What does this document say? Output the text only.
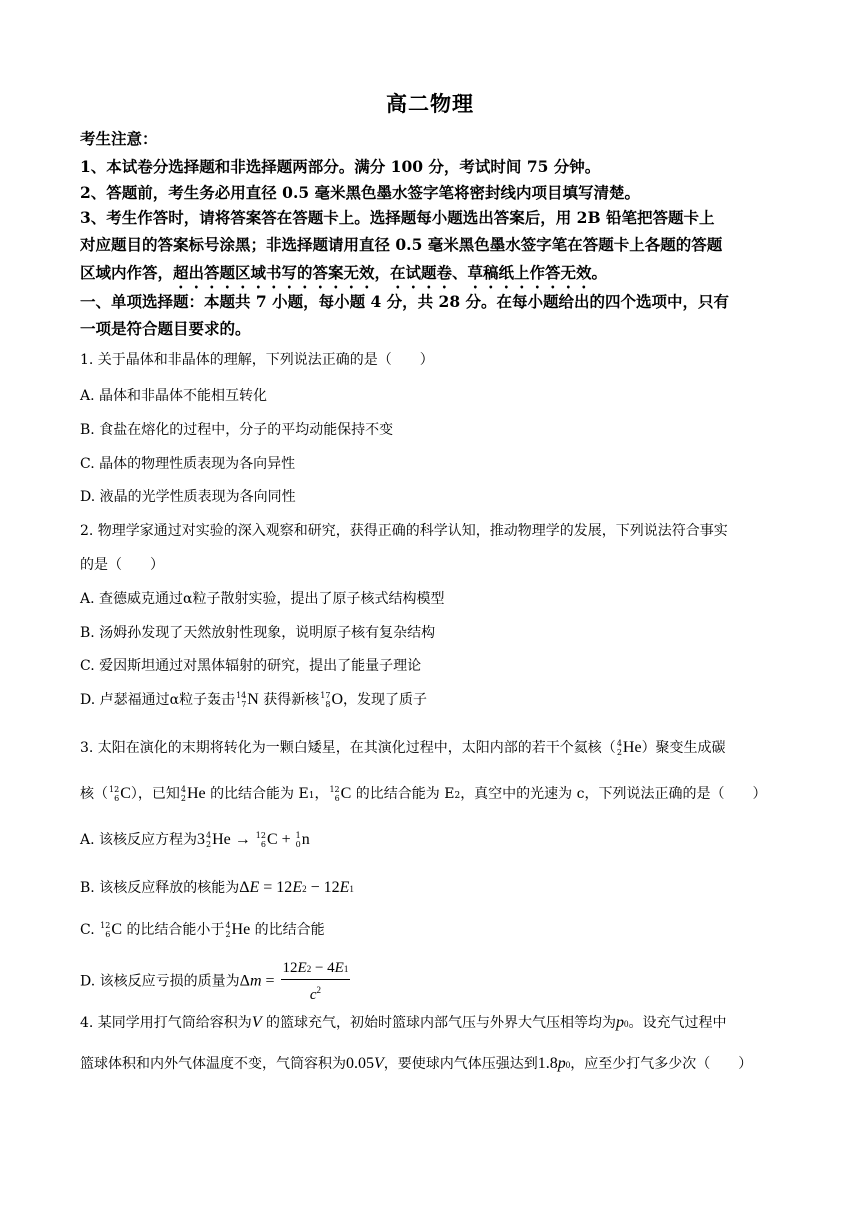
高二物理
考生注意：
1、本试卷分选择题和非选择题两部分。满分 100 分，考试时间 75 分钟。
2、答题前，考生务必用直径 0.5 毫米黑色墨水签字笔将密封线内项目填写清楚。
3、考生作答时，请将答案答在答题卡上。选择题每小题选出答案后，用 2B 铅笔把答题卡上
对应题目的答案标号涂黑；非选择题请用直径 0.5 毫米黑色墨水签字笔在答题卡上各题的答题
区域内作答，超出答题区域书写的答案无效，在试题卷、草稿纸上作答无效。
一、单项选择题：本题共 7 小题，每小题 4 分，共 28 分。在每小题给出的四个选项中，只有
一项是符合题目要求的。
1. 关于晶体和非晶体的理解，下列说法正确的是（　　）
A. 晶体和非晶体不能相互转化
B. 食盐在熔化的过程中，分子的平均动能保持不变
C. 晶体的物理性质表现为各向异性
D. 液晶的光学性质表现为各向同性
2. 物理学家通过对实验的深入观察和研究，获得正确的科学认知，推动物理学的发展，下列说法符合事实
的是（　　）
A. 查德威克通过α粒子散射实验，提出了原子核式结构模型
B. 汤姆孙发现了天然放射性现象，说明原子核有复杂结构
C. 爱因斯坦通过对黑体辐射的研究，提出了能量子理论
D. 卢瑟福通过α粒子轰击 14
7 N 获得新核 17
8 O，发现了质子
3. 太阳在演化的末期将转化为一颗白矮星，在其演化过程中，太阳内部的若干个氦核（ 4
2 He）聚变生成碳
核（ 12
6 C），已知 4
2 He 的比结合能为 E1， 12
6 C 的比结合能为 E2，真空中的光速为 c，下列说法正确的是（　　）
A. 该核反应方程为3 4
2 He → 12
6 C + 1
0 n
B. 该核反应释放的核能为ΔE = 12E2 − 12E1
C. 12
6 C 的比结合能小于 4
2 He 的比结合能
D. 该核反应亏损的质量为$\Delta m = \frac{12E2 - 4E1}{c^2}$
4. 某同学用打气筒给容积为V 的篮球充气，初始时篮球内部气压与外界大气压相等均为p0。设充气过程中
篮球体积和内外气体温度不变，气筒容积为0.05V，要使球内气体压强达到1.8p0，应至少打气多少次（　　）
